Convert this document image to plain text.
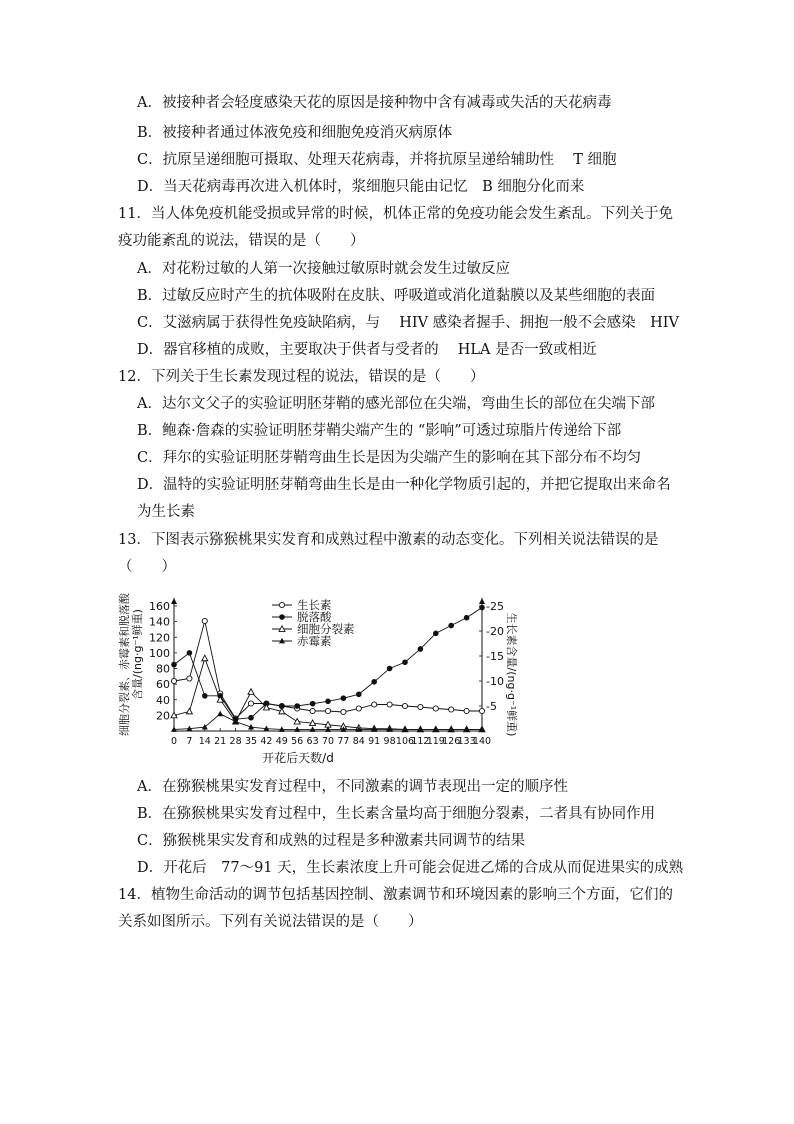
A．被接种者会轻度感染天花的原因是接种物中含有减毒或失活的天花病毒
B．被接种者通过体液免疫和细胞免疫消灭病原体
C．抗原呈递细胞可摄取、处理天花病毒，并将抗原呈递给辅助性　 T 细胞
D．当天花病毒再次进入机体时，浆细胞只能由记忆　B 细胞分化而来
11．当人体免疫机能受损或异常的时候，机体正常的免疫功能会发生紊乱。下列关于免
疫功能紊乱的说法，错误的是（　　）
A．对花粉过敏的人第一次接触过敏原时就会发生过敏反应
B．过敏反应时产生的抗体吸附在皮肤、呼吸道或消化道黏膜以及某些细胞的表面
C．艾滋病属于获得性免疫缺陷病，与　 HIV 感染者握手、拥抱一般不会感染　HIV
D．器官移植的成败，主要取决于供者与受者的　 HLA 是否一致或相近
12．下列关于生长素发现过程的说法，错误的是（　　）
A．达尔文父子的实验证明胚芽鞘的感光部位在尖端，弯曲生长的部位在尖端下部
B．鲍森·詹森的实验证明胚芽鞘尖端产生的 “影响”可透过琼脂片传递给下部
C．拜尔的实验证明胚芽鞘弯曲生长是因为尖端产生的影响在其下部分布不均匀
D．温特的实验证明胚芽鞘弯曲生长是由一种化学物质引起的，并把它提取出来命名
为生长素
13．下图表示猕猴桃果实发育和成熟过程中激素的动态变化。下列相关说法错误的是
（　　）
20
40
60
80
100
120
140
160
-5
-10
-15
-20
-25
0 7 14 21 28 35 42 49 56 63 70 77 84 91 98 106
112
119
126
133
140
开花后天数/d
细胞分裂素、赤霉素和脱落酸 含量/(ng·g⁻¹鲜重)	生长素含量/(ng·g⁻¹鲜重)
生长素
脱落酸
细胞分裂素
赤霉素
A．在猕猴桃果实发育过程中，不同激素的调节表现出一定的顺序性
B．在猕猴桃果实发育过程中，生长素含量均高于细胞分裂素，二者具有协同作用
C．猕猴桃果实发育和成熟的过程是多种激素共同调节的结果
D．开花后　77～91 天，生长素浓度上升可能会促进乙烯的合成从而促进果实的成熟
14．植物生命活动的调节包括基因控制、激素调节和环境因素的影响三个方面，它们的
关系如图所示。下列有关说法错误的是（　　）
